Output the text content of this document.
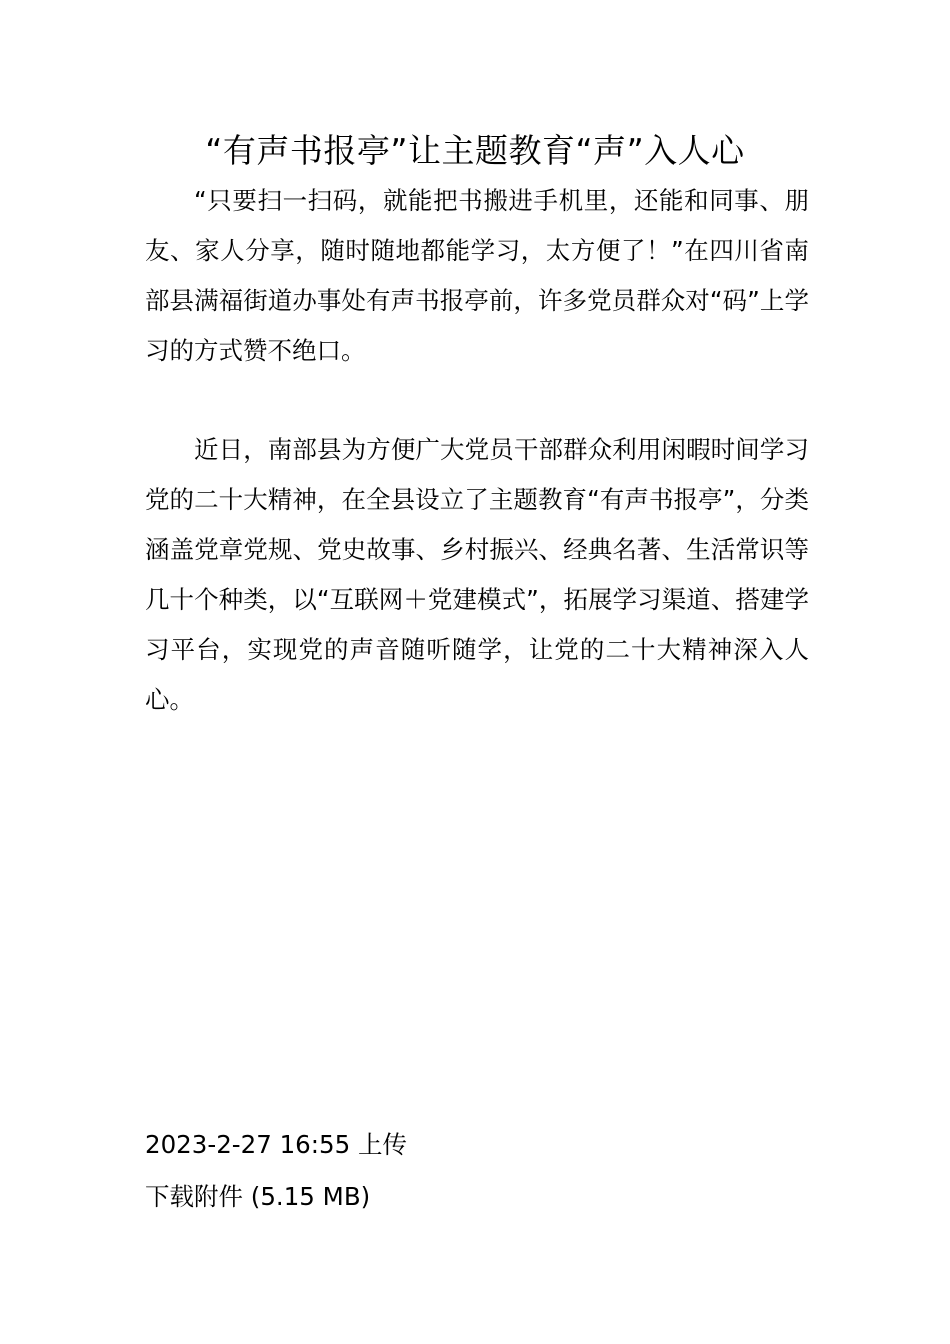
“有声书报亭”让主题教育“声”入人心

“只要扫一扫码，就能把书搬进手机里，还能和同事、朋友、家人分享，随时随地都能学习，太方便了！”在四川省南部县满福街道办事处有声书报亭前，许多党员群众对“码”上学习的方式赞不绝口。

近日，南部县为方便广大党员干部群众利用闲暇时间学习党的二十大精神，在全县设立了主题教育“有声书报亭”，分类涵盖党章党规、党史故事、乡村振兴、经典名著、生活常识等几十个种类，以“互联网＋党建模式”，拓展学习渠道、搭建学习平台，实现党的声音随听随学，让党的二十大精神深入人心。

2023-2-27 16:55 上传
下载附件 (5.15 MB)
